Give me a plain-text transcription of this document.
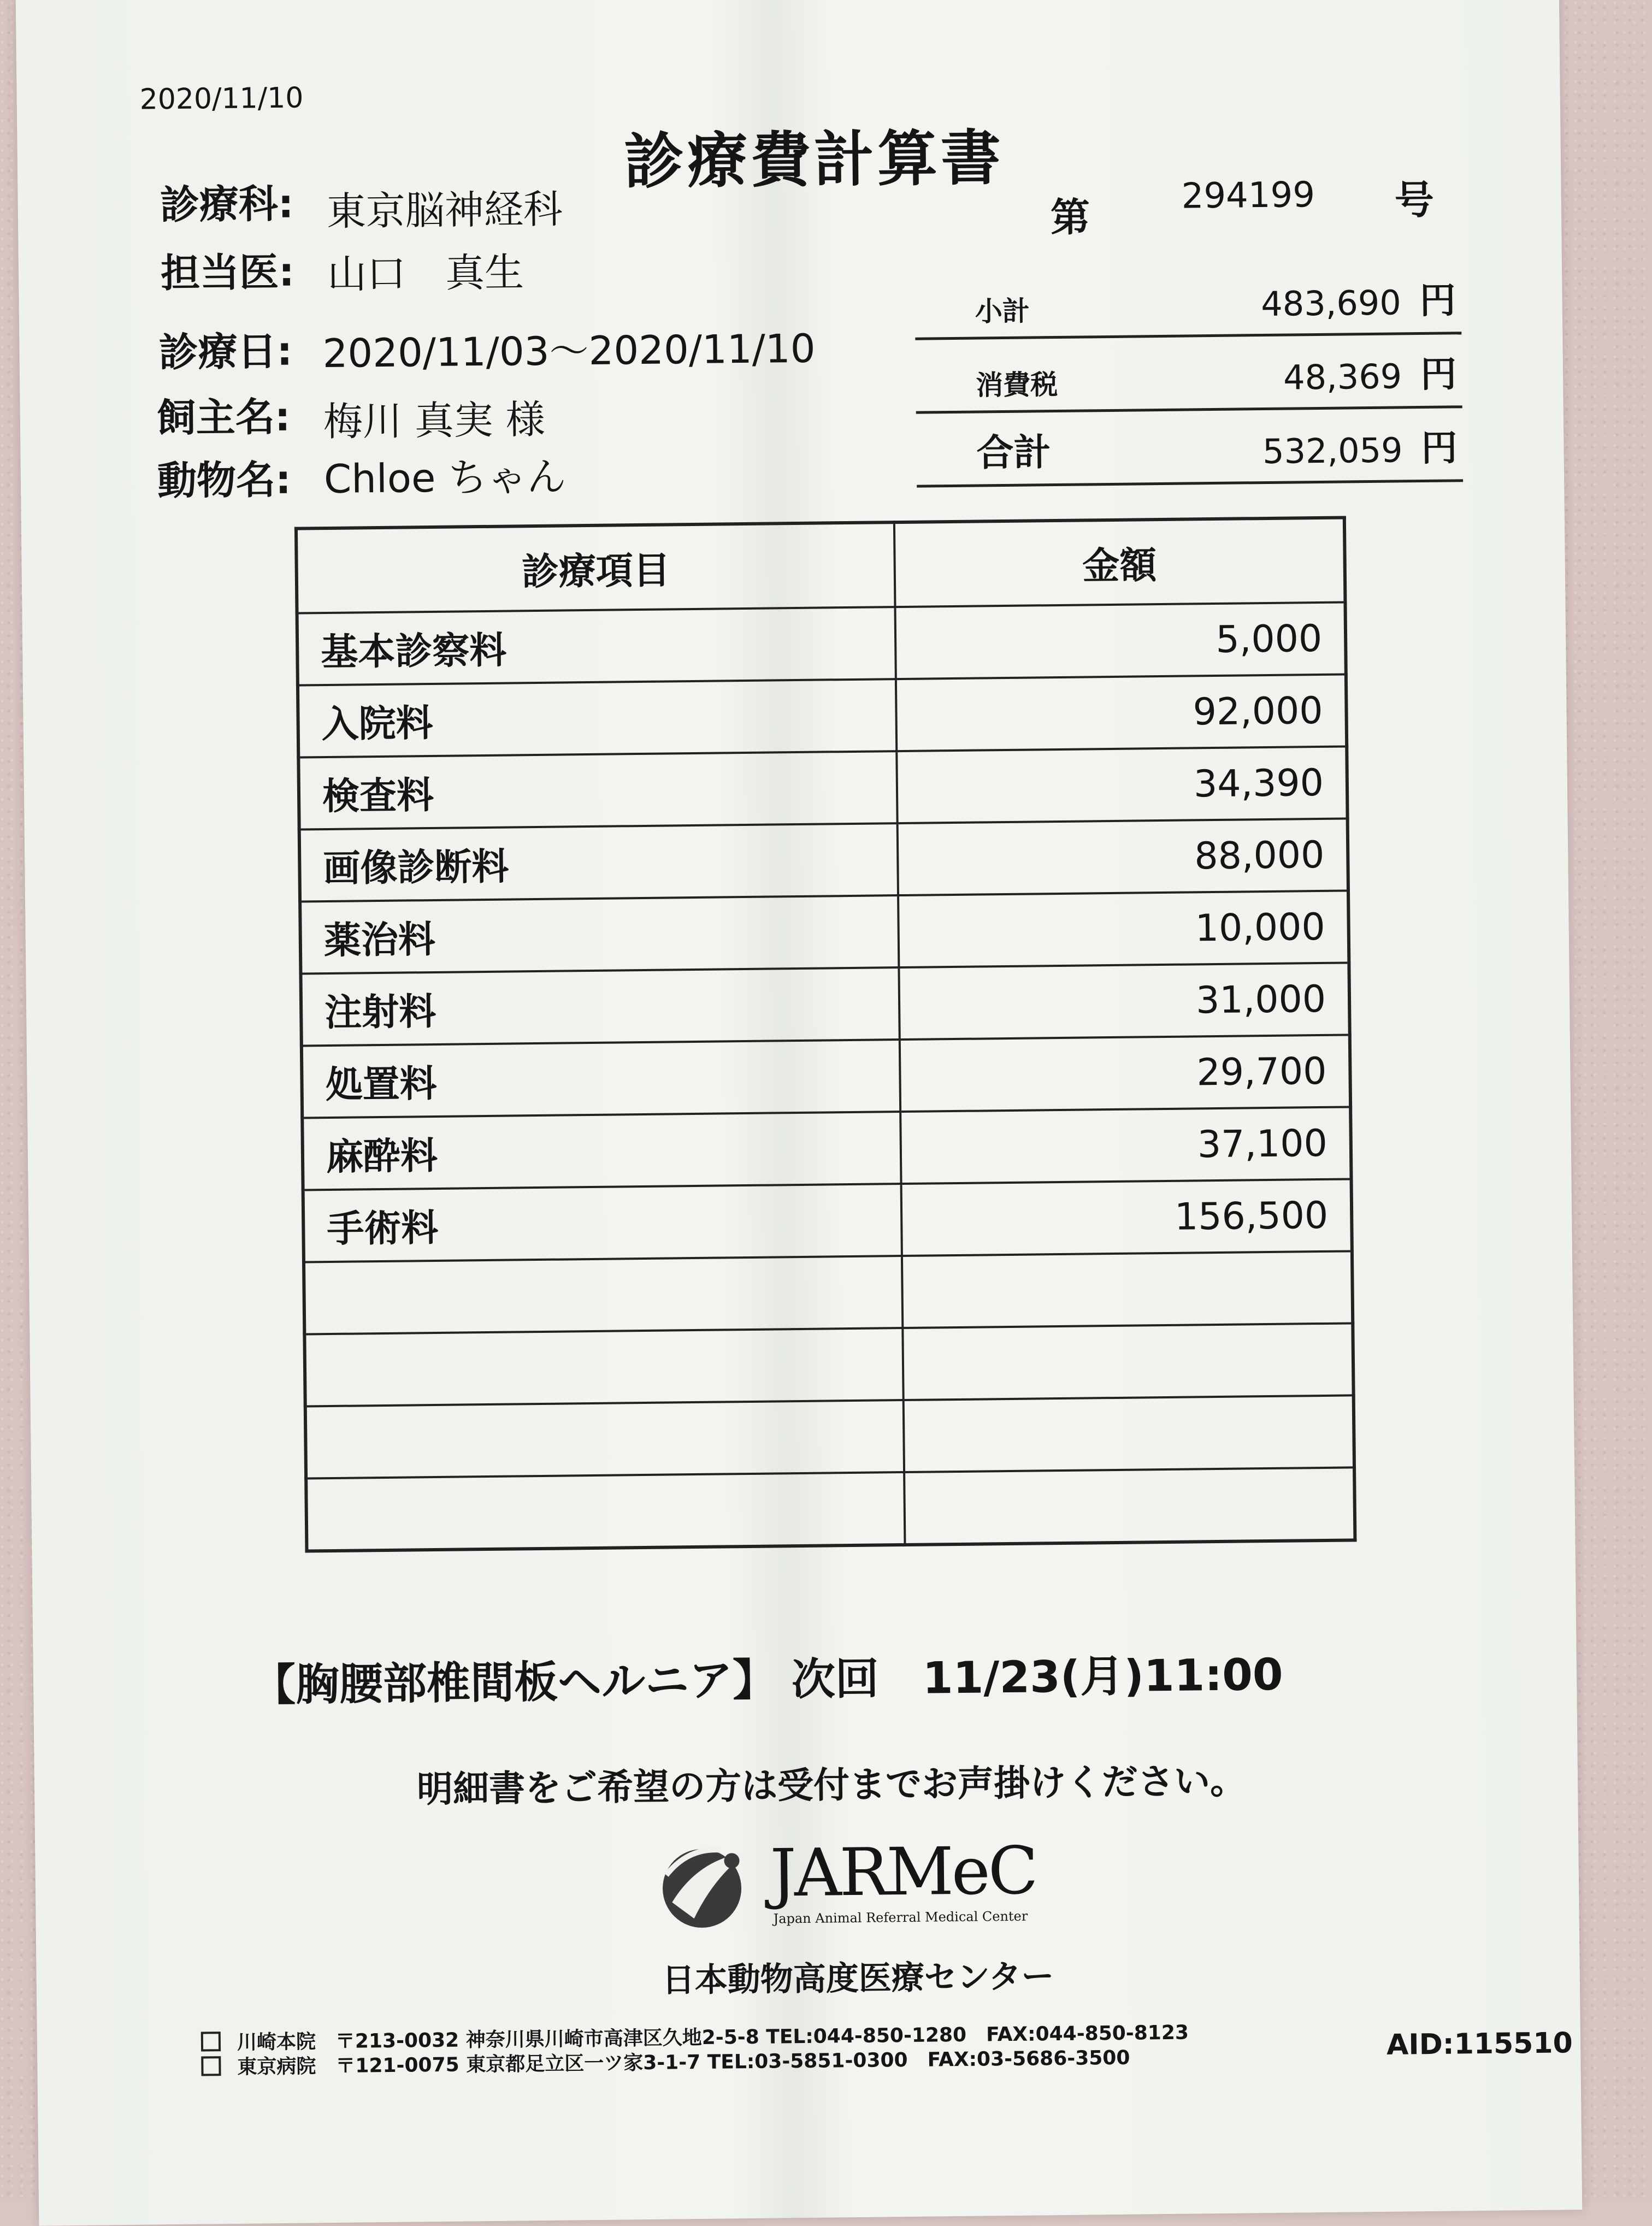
2020/11/10
診療費計算書
診療科: 東京脳神経科
担当医: 山口　真生
診療日: 2020/11/03～2020/11/10
飼主名: 梅川 真実 様
動物名: Chloe ちゃん
第	294199 号
小計	483,690 円
消費税	48,369 円
合計	532,059 円
診療項目	金額
基本診察料	5,000
入院料	92,000
検査料	34,390
画像診断料	88,000
薬治料	10,000
注射料	31,000
処置料	29,700
麻酔料	37,100
手術料	156,500

【胸腰部椎間板ヘルニア】 次回　11/23(月)11:00
明細書をご希望の方は受付までお声掛けください。
JARMeC
Japan Animal Referral Medical Center
日本動物高度医療センター
川崎本院　〒213-0032 神奈川県川崎市高津区久地2-5-8 TEL:044-850-1280　FAX:044-850-8123
東京病院　〒121-0075 東京都足立区一ツ家3-1-7 TEL:03-5851-0300　FAX:03-5686-3500
AID:115510
